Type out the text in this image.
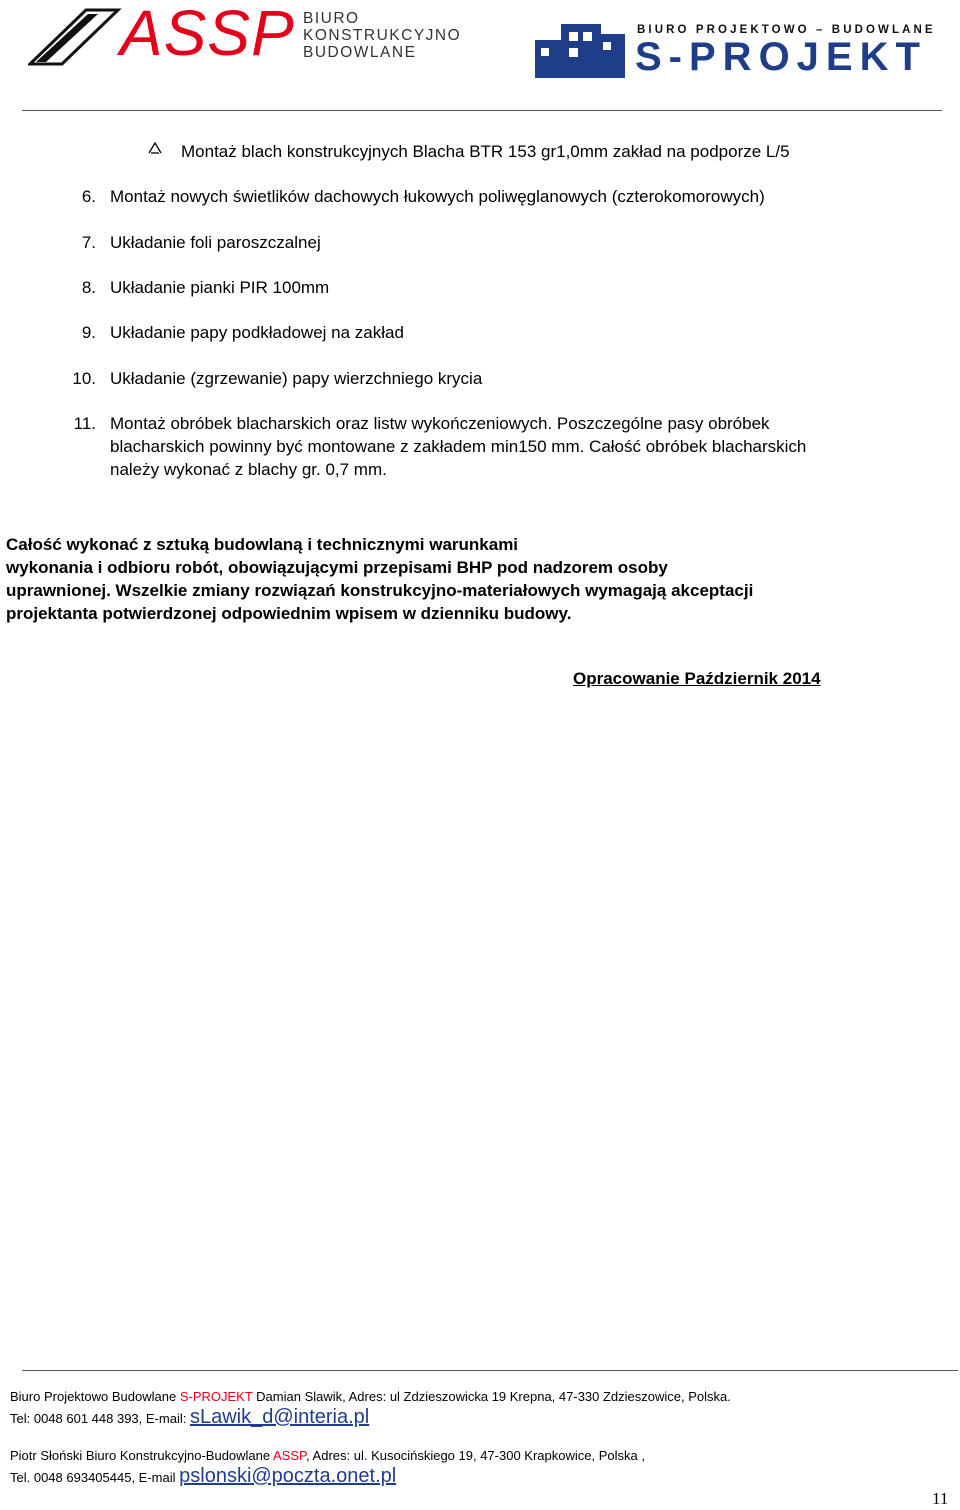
ASSP BIURO
KONSTRUKCYJNO
BUDOWLANE
BIURO PROJEKTOWO – BUDOWLANE
S-PROJEKT
Montaż blach konstrukcyjnych Blacha BTR 153 gr1,0mm zakład na podporze L/5
6. Montaż nowych świetlików dachowych łukowych poliwęglanowych (czterokomorowych)
7. Układanie foli paroszczalnej
8. Układanie pianki PIR 100mm
9. Układanie papy podkładowej na zakład
10. Układanie (zgrzewanie) papy wierzchniego krycia
11. Montaż obróbek blacharskich oraz listw wykończeniowych. Poszczególne pasy obróbek
blacharskich powinny być montowane z zakładem min150 mm. Całość obróbek blacharskich
należy wykonać z blachy gr. 0,7 mm.
Całość wykonać z sztuką budowlaną i technicznymi warunkami
wykonania i odbioru robót, obowiązującymi przepisami BHP pod nadzorem osoby
uprawnionej. Wszelkie zmiany rozwiązań konstrukcyjno-materiałowych wymagają akceptacji
projektanta potwierdzonej odpowiednim wpisem w dzienniku budowy.
Opracowanie Październik 2014
Biuro Projektowo Budowlane S-PROJEKT Damian Slawik, Adres: ul Zdzieszowicka 19 Krepna, 47-330 Zdzieszowice, Polska.
Tel: 0048 601 448 393, E-mail: sLawik_d@interia.pl
Piotr Słoński Biuro Konstrukcyjno-Budowlane ASSP, Adres: ul. Kusocińskiego 19, 47-300 Krapkowice, Polska ,
Tel. 0048 693405445, E-mail pslonski@poczta.onet.pl
11
